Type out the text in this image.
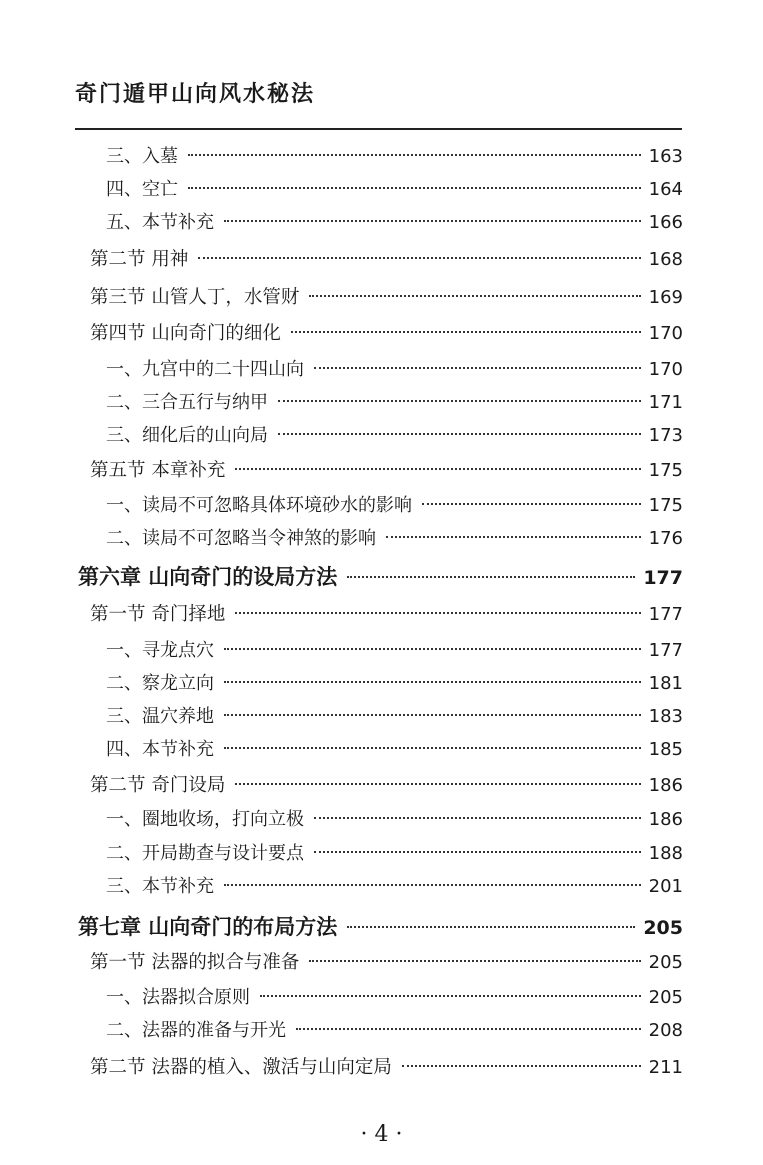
奇门遁甲山向风水秘法
三、入墓	163
四、空亡	164
五、本节补充	166
第二节 用神	168
第三节 山管人丁，水管财	169
第四节 山向奇门的细化	170
一、九宫中的二十四山向	170
二、三合五行与纳甲	171
三、细化后的山向局	173
第五节 本章补充	175
一、读局不可忽略具体环境砂水的影响	175
二、读局不可忽略当令神煞的影响	176
第六章 山向奇门的设局方法	177
第一节 奇门择地	177
一、寻龙点穴	177
二、察龙立向	181
三、温穴养地	183
四、本节补充	185
第二节 奇门设局	186
一、圈地收场，打向立极	186
二、开局勘查与设计要点	188
三、本节补充	201
第七章 山向奇门的布局方法	205
第一节 法器的拟合与准备	205
一、法器拟合原则	205
二、法器的准备与开光	208
第二节 法器的植入、激活与山向定局	211
· 4 ·
